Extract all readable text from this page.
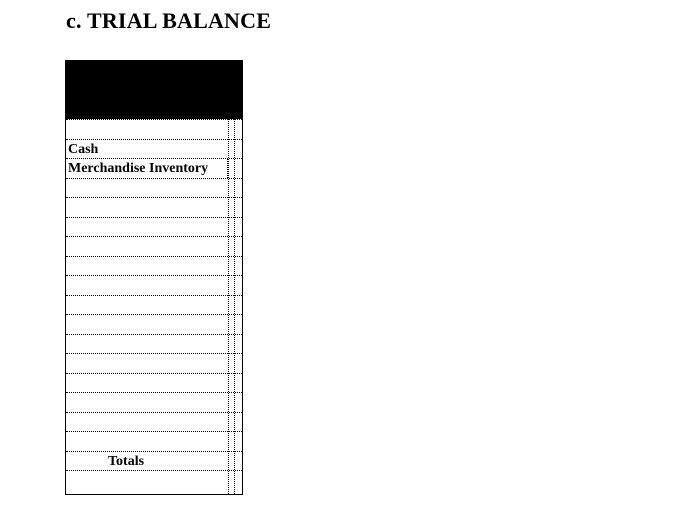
c. TRIAL BALANCE
Cash
Merchandise Inventory
Totals
